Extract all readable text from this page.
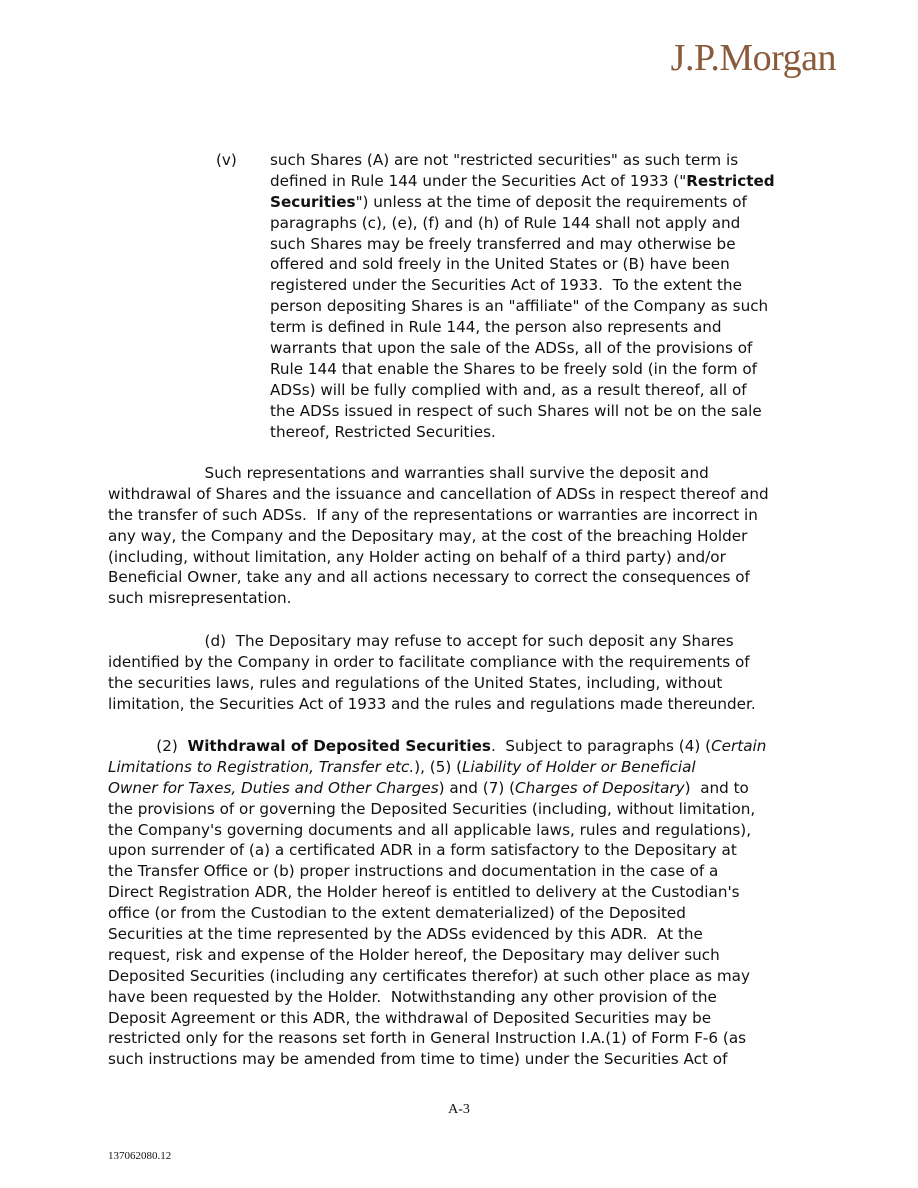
J.P.Morgan
(v) such Shares (A) are not "restricted securities" as such term is
defined in Rule 144 under the Securities Act of 1933 ("Restricted
Securities") unless at the time of deposit the requirements of
paragraphs (c), (e), (f) and (h) of Rule 144 shall not apply and
such Shares may be freely transferred and may otherwise be
offered and sold freely in the United States or (B) have been
registered under the Securities Act of 1933.  To the extent the
person depositing Shares is an "affiliate" of the Company as such
term is defined in Rule 144, the person also represents and
warrants that upon the sale of the ADSs, all of the provisions of
Rule 144 that enable the Shares to be freely sold (in the form of
ADSs) will be fully complied with and, as a result thereof, all of
the ADSs issued in respect of such Shares will not be on the sale
thereof, Restricted Securities.
Such representations and warranties shall survive the deposit and
withdrawal of Shares and the issuance and cancellation of ADSs in respect thereof and
the transfer of such ADSs.  If any of the representations or warranties are incorrect in
any way, the Company and the Depositary may, at the cost of the breaching Holder
(including, without limitation, any Holder acting on behalf of a third party) and/or
Beneficial Owner, take any and all actions necessary to correct the consequences of
such misrepresentation.
(d)  The Depositary may refuse to accept for such deposit any Shares
identified by the Company in order to facilitate compliance with the requirements of
the securities laws, rules and regulations of the United States, including, without
limitation, the Securities Act of 1933 and the rules and regulations made thereunder.
(2)  Withdrawal of Deposited Securities.  Subject to paragraphs (4) (Certain
Limitations to Registration, Transfer etc.), (5) (Liability of Holder or Beneficial
Owner for Taxes, Duties and Other Charges) and (7) (Charges of Depositary)  and to
the provisions of or governing the Deposited Securities (including, without limitation,
the Company's governing documents and all applicable laws, rules and regulations),
upon surrender of (a) a certificated ADR in a form satisfactory to the Depositary at
the Transfer Office or (b) proper instructions and documentation in the case of a
Direct Registration ADR, the Holder hereof is entitled to delivery at the Custodian's
office (or from the Custodian to the extent dematerialized) of the Deposited
Securities at the time represented by the ADSs evidenced by this ADR.  At the
request, risk and expense of the Holder hereof, the Depositary may deliver such
Deposited Securities (including any certificates therefor) at such other place as may
have been requested by the Holder.  Notwithstanding any other provision of the
Deposit Agreement or this ADR, the withdrawal of Deposited Securities may be
restricted only for the reasons set forth in General Instruction I.A.(1) of Form F-6 (as
such instructions may be amended from time to time) under the Securities Act of
A-3
137062080.12
